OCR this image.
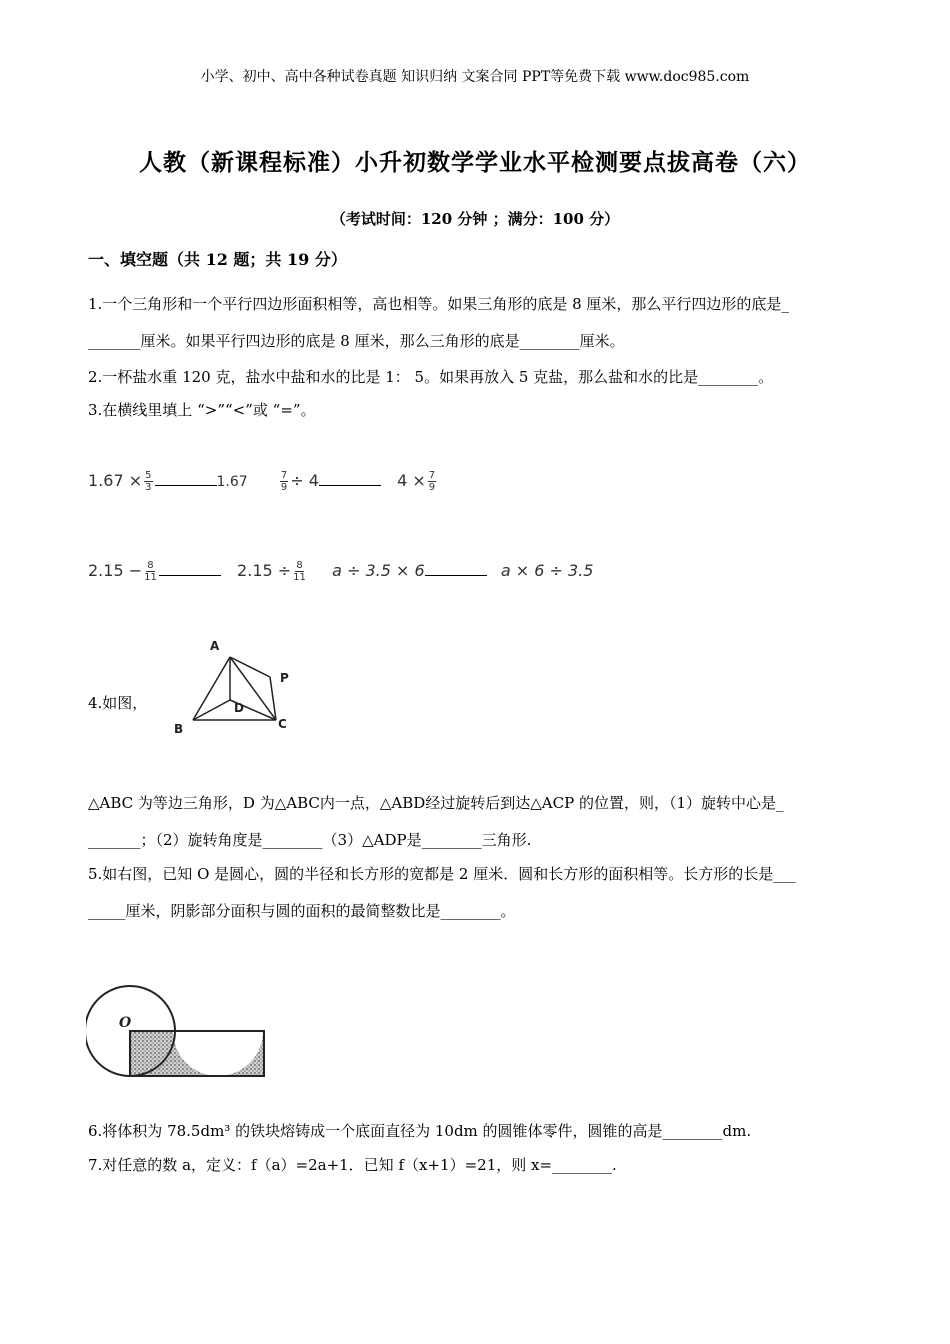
小学、初中、高中各种试卷真题 知识归纳 文案合同 PPT等免费下载 www.doc985.com
人教（新课程标准）小升初数学学业水平检测要点拔高卷（六）
（考试时间：120 分钟 ；满分：100 分）
一、填空题（共 12 题；共 19 分）
1.一个三角形和一个平行四边形面积相等，高也相等。如果三角形的底是 8 厘米，那么平行四边形的底是_
_______厘米。如果平行四边形的底是 8 厘米，那么三角形的底是________厘米。
2.一杯盐水重 120 克，盐水中盐和水的比是 1： 5。如果再放入 5 克盐，那么盐和水的比是________。
3.在横线里填上 “>”“<”或 “=”。
$1.67 \times \frac{5}{3}$	1.67	$\frac{7}{9} \div 4$	$4 \times \frac{7}{9}$
$2.15 - \frac{8}{11}$	$2.15 \div \frac{8}{11}$ a ÷ 3.5 × 6	a × 6 ÷ 3.5
4.如图，
A
B	C
D
P
△ABC 为等边三角形，D 为△ABC内一点，△ABD经过旋转后到达△ACP 的位置，则，（1）旋转中心是_
_______；（2）旋转角度是________（3）△ADP是________三角形.
5.如右图，已知 O 是圆心，圆的半径和长方形的宽都是 2 厘米．圆和长方形的面积相等。长方形的长是___
_____厘米，阴影部分面积与圆的面积的最简整数比是________。
O
6.将体积为 78.5dm³ 的铁块熔铸成一个底面直径为 10dm 的圆锥体零件，圆锥的高是________dm.
7.对任意的数 a，定义：f（a）=2a+1．已知 f（x+1）=21，则 x=________.
